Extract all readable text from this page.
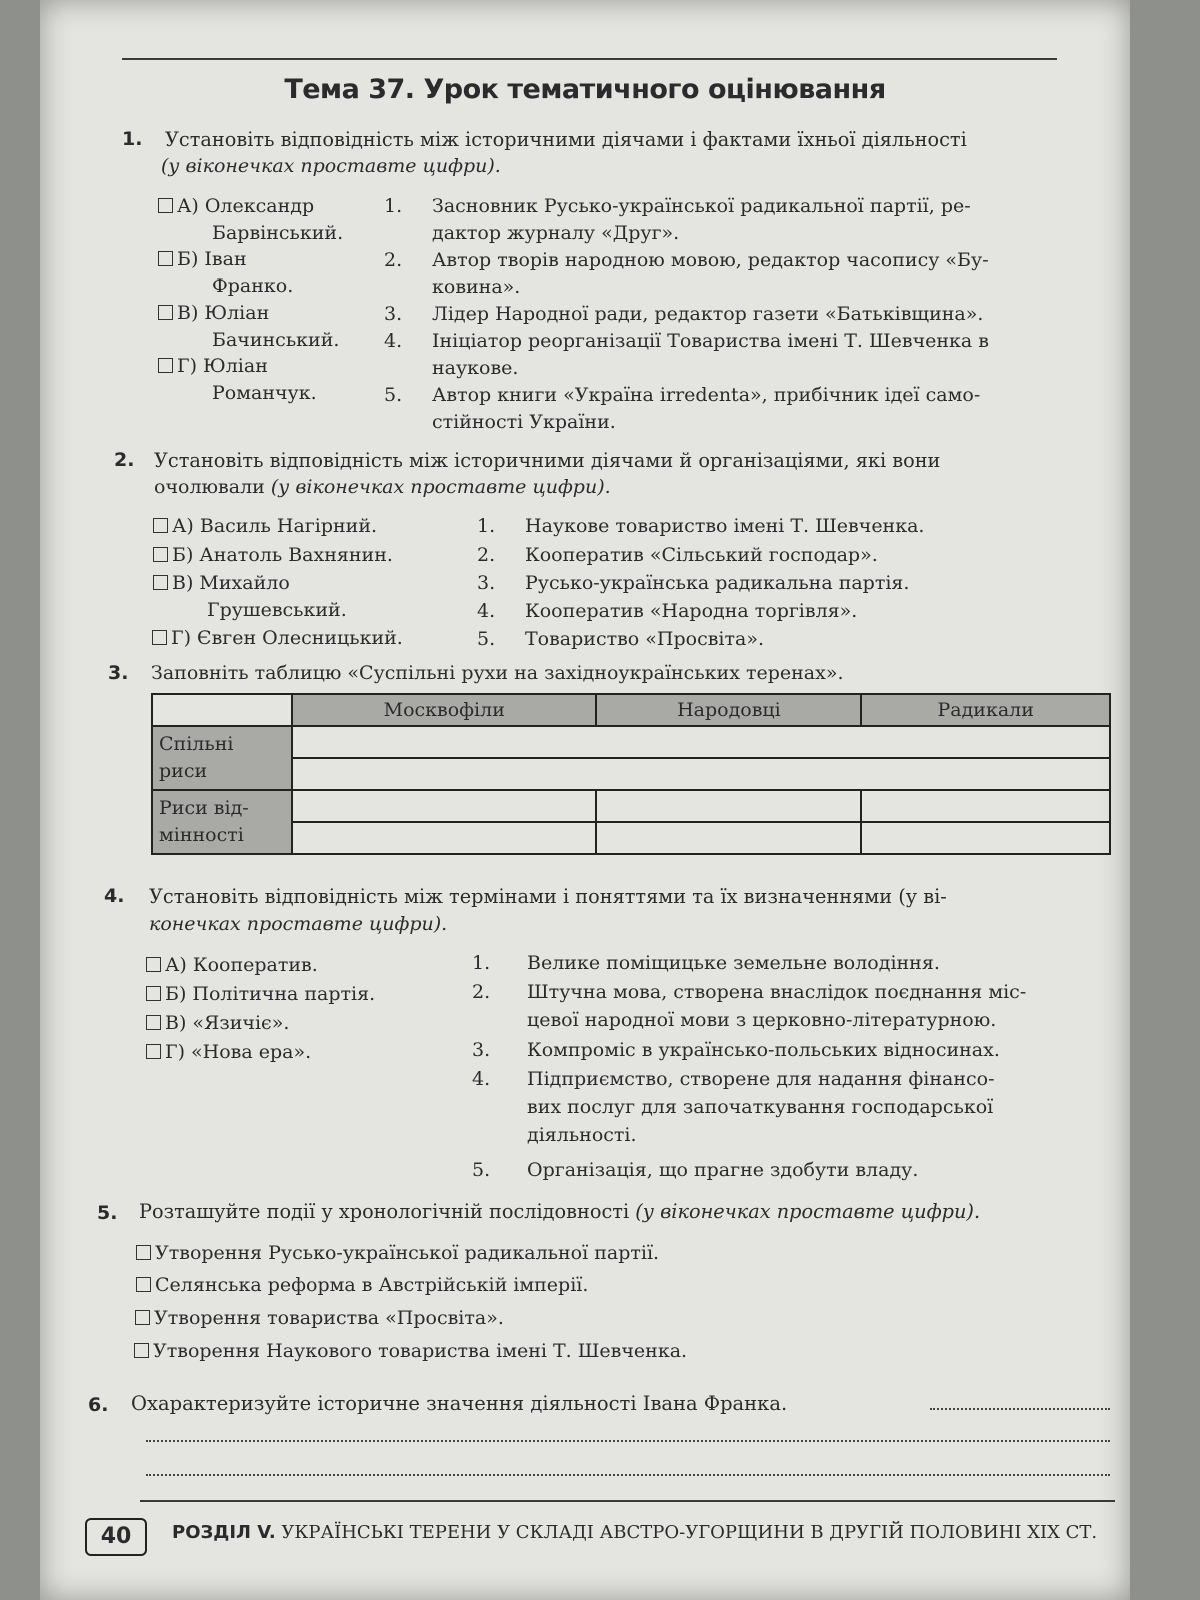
Тема 37. Урок тематичного оцінювання
1. Установіть відповідність між історичними діячами і фактами їхньої діяльності
(у віконечках проставте цифри).
А) Олександр
Барвінський.
Б) Іван
Франко.
В) Юліан
Бачинський.
Г) Юліан
Романчук.
1. Засновник Русько-української радикальної партії, ре-
дактор журналу «Друг».
2. Автор творів народною мовою, редактор часопису «Бу-
ковина».
3. Лідер Народної ради, редактор газети «Батьківщина».
4. Ініціатор реорганізації Товариства імені Т. Шевченка в
наукове.
5. Автор книги «Україна irredenta», прибічник ідеї само-
стійності України.
2. Установіть відповідність між історичними діячами й організаціями, які вони
очолювали (у віконечках проставте цифри).
А) Василь Нагірний.
Б) Анатоль Вахнянин.
В) Михайло
Грушевський.
Г) Євген Олесницький.
1. Наукове товариство імені Т. Шевченка.
2. Кооператив «Сільський господар».
3. Русько-українська радикальна партія.
4. Кооператив «Народна торгівля».
5. Товариство «Просвіта».
3. Заповніть таблицю «Суспільні рухи на західноукраїнських теренах».
	Москвофіли	Народовці	Радикали
Спільні
риси			

Риси від-
мінності			

4. Установіть відповідність між термінами і поняттями та їх визначеннями (у ві-
конечках проставте цифри).
А) Кооператив.
Б) Політична партія.
В) «Язичіє».
Г) «Нова ера».
1. Велике поміщицьке земельне володіння.
2. Штучна мова, створена внаслідок поєднання міс-
цевої народної мови з церковно-літературною.
3. Компроміс в українсько-польських відносинах.
4. Підприємство, створене для надання фінансо-
вих послуг для започаткування господарської
діяльності.
5. Організація, що прагне здобути владу.
5. Розташуйте події у хронологічній послідовності (у віконечках проставте цифри).
Утворення Русько-української радикальної партії.
Селянська реформа в Австрійській імперії.
Утворення товариства «Просвіта».
Утворення Наукового товариства імені Т. Шевченка.
6. Охарактеризуйте історичне значення діяльності Івана Франка.
40	РОЗДІЛ V. УКРАЇНСЬКІ ТЕРЕНИ У СКЛАДІ АВСТРО-УГОРЩИНИ В ДРУГІЙ ПОЛОВИНІ XIX СТ.
